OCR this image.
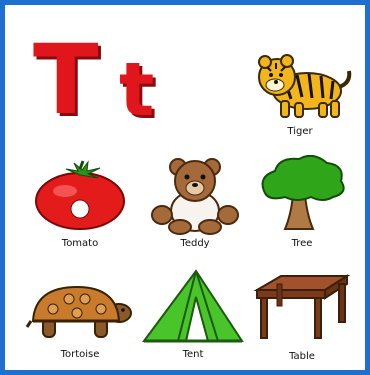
T t	Tiger
Tomato	Teddy	Tree
Tortoise	Tent	Table
